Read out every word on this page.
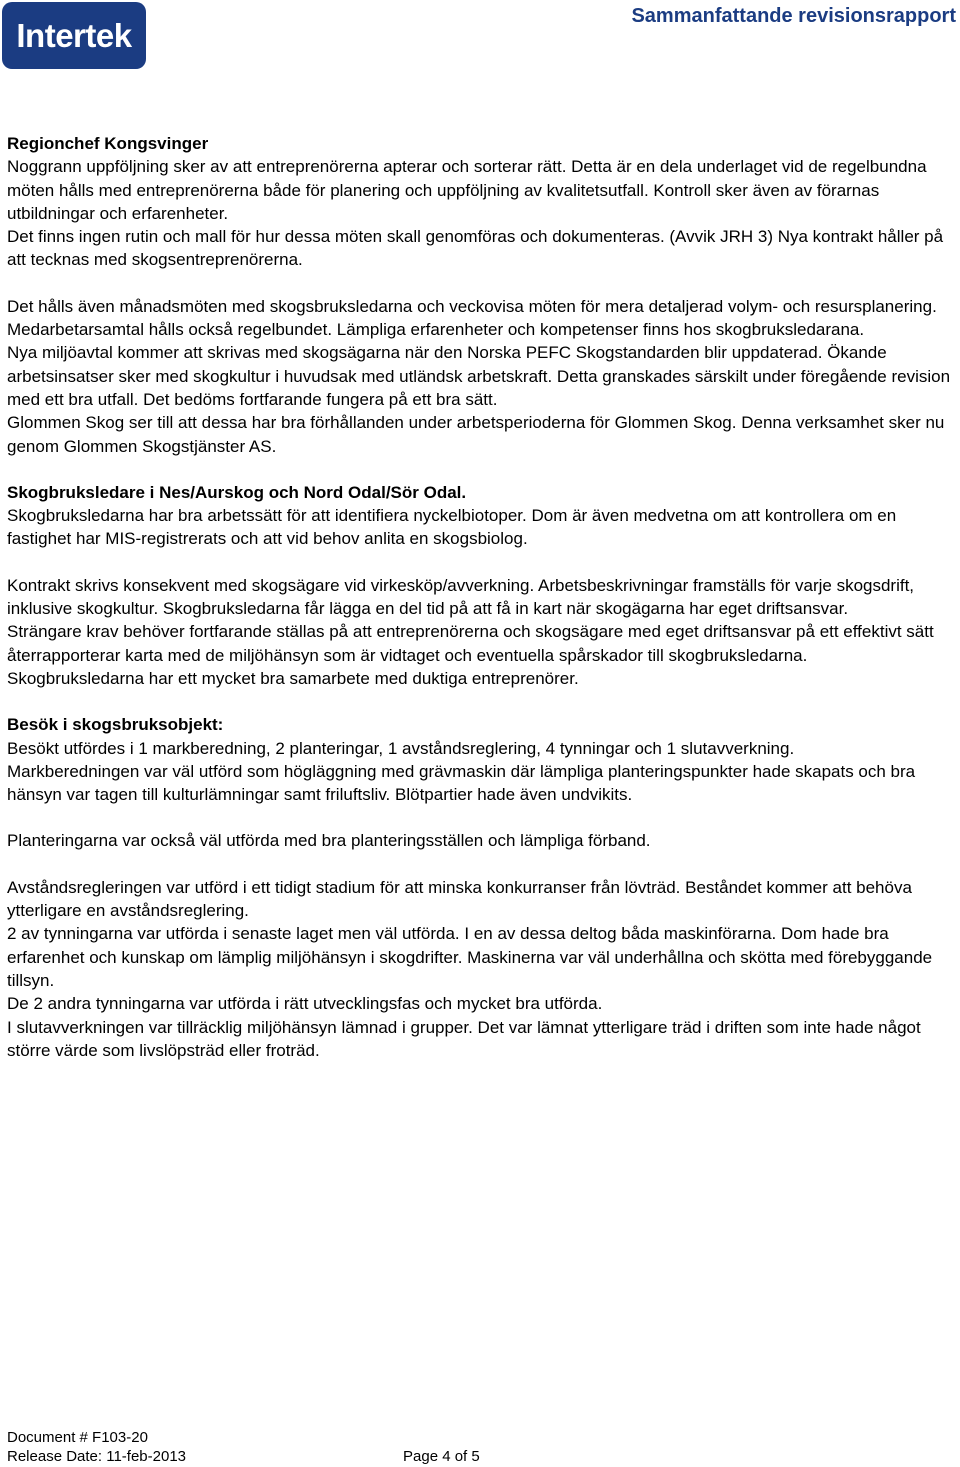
Intertek
Sammanfattande revisionsrapport

Regionchef Kongsvinger

Noggrann uppföljning sker av att entreprenörerna apterar och sorterar rätt. Detta är en dela underlaget vid de regelbundna möten hålls med entreprenörerna både för planering och uppföljning av kvalitetsutfall. Kontroll sker även av förarnas utbildningar och erfarenheter.

Det finns ingen rutin och mall för hur dessa möten skall genomföras och dokumenteras. (Avvik JRH 3) Nya kontrakt håller på att tecknas med skogsentreprenörerna.

Det hålls även månadsmöten med skogsbruksledarna och veckovisa möten för mera detaljerad volym- och resursplanering. Medarbetarsamtal hålls också regelbundet. Lämpliga erfarenheter och kompetenser finns hos skogbruksledarana.

Nya miljöavtal kommer att skrivas med skogsägarna när den Norska PEFC Skogstandarden blir uppdaterad. Ökande arbetsinsatser sker med skogkultur i huvudsak med utländsk arbetskraft. Detta granskades särskilt under föregående revision med ett bra utfall. Det bedöms fortfarande fungera på ett bra sätt.

Glommen Skog ser till att dessa har bra förhållanden under arbetsperioderna för Glommen Skog. Denna verksamhet sker nu genom Glommen Skogstjänster AS.

Skogbruksledare i Nes/Aurskog och Nord Odal/Sör Odal.

Skogbruksledarna har bra arbetssätt för att identifiera nyckelbiotoper. Dom är även medvetna om att kontrollera om en fastighet har MIS-registrerats och att vid behov anlita en skogsbiolog.

Kontrakt skrivs konsekvent med skogsägare vid virkesköp/avverkning. Arbetsbeskrivningar framställs för varje skogsdrift, inklusive skogkultur. Skogbruksledarna får lägga en del tid på att få in kart när skogägarna har eget driftsansvar.

Strängare krav behöver fortfarande ställas på att entreprenörerna och skogsägare med eget driftsansvar på ett effektivt sätt återrapporterar karta med de miljöhänsyn som är vidtaget och eventuella spårskador till skogbruksledarna.

Skogbruksledarna har ett mycket bra samarbete med duktiga entreprenörer.

Besök i skogsbruksobjekt:

Besökt utfördes i 1 markberedning, 2 planteringar, 1 avståndsreglering, 4 tynningar och 1 slutavverkning.

Markberedningen var väl utförd som högläggning med grävmaskin där lämpliga planteringspunkter hade skapats och bra hänsyn var tagen till kulturlämningar samt friluftsliv. Blötpartier hade även undvikits.

Planteringarna var också väl utförda med bra planteringsställen och lämpliga förband.

Avståndsregleringen var utförd i ett tidigt stadium för att minska konkurranser från lövträd. Beståndet kommer att behöva ytterligare en avståndsreglering.

2 av tynningarna var utförda i senaste laget men väl utförda. I en av dessa deltog båda maskinförarna. Dom hade bra erfarenhet och kunskap om lämplig miljöhänsyn i skogdrifter. Maskinerna var väl underhållna och skötta med förebyggande tillsyn.

De 2 andra tynningarna var utförda i rätt utvecklingsfas och mycket bra utförda.

I slutavverkningen var tillräcklig miljöhänsyn lämnad i grupper. Det var lämnat ytterligare träd i driften som inte hade något större värde som livslöpsträd eller froträd.

Document # F103-20
Release Date: 11-feb-2013	Page 4 of 5
